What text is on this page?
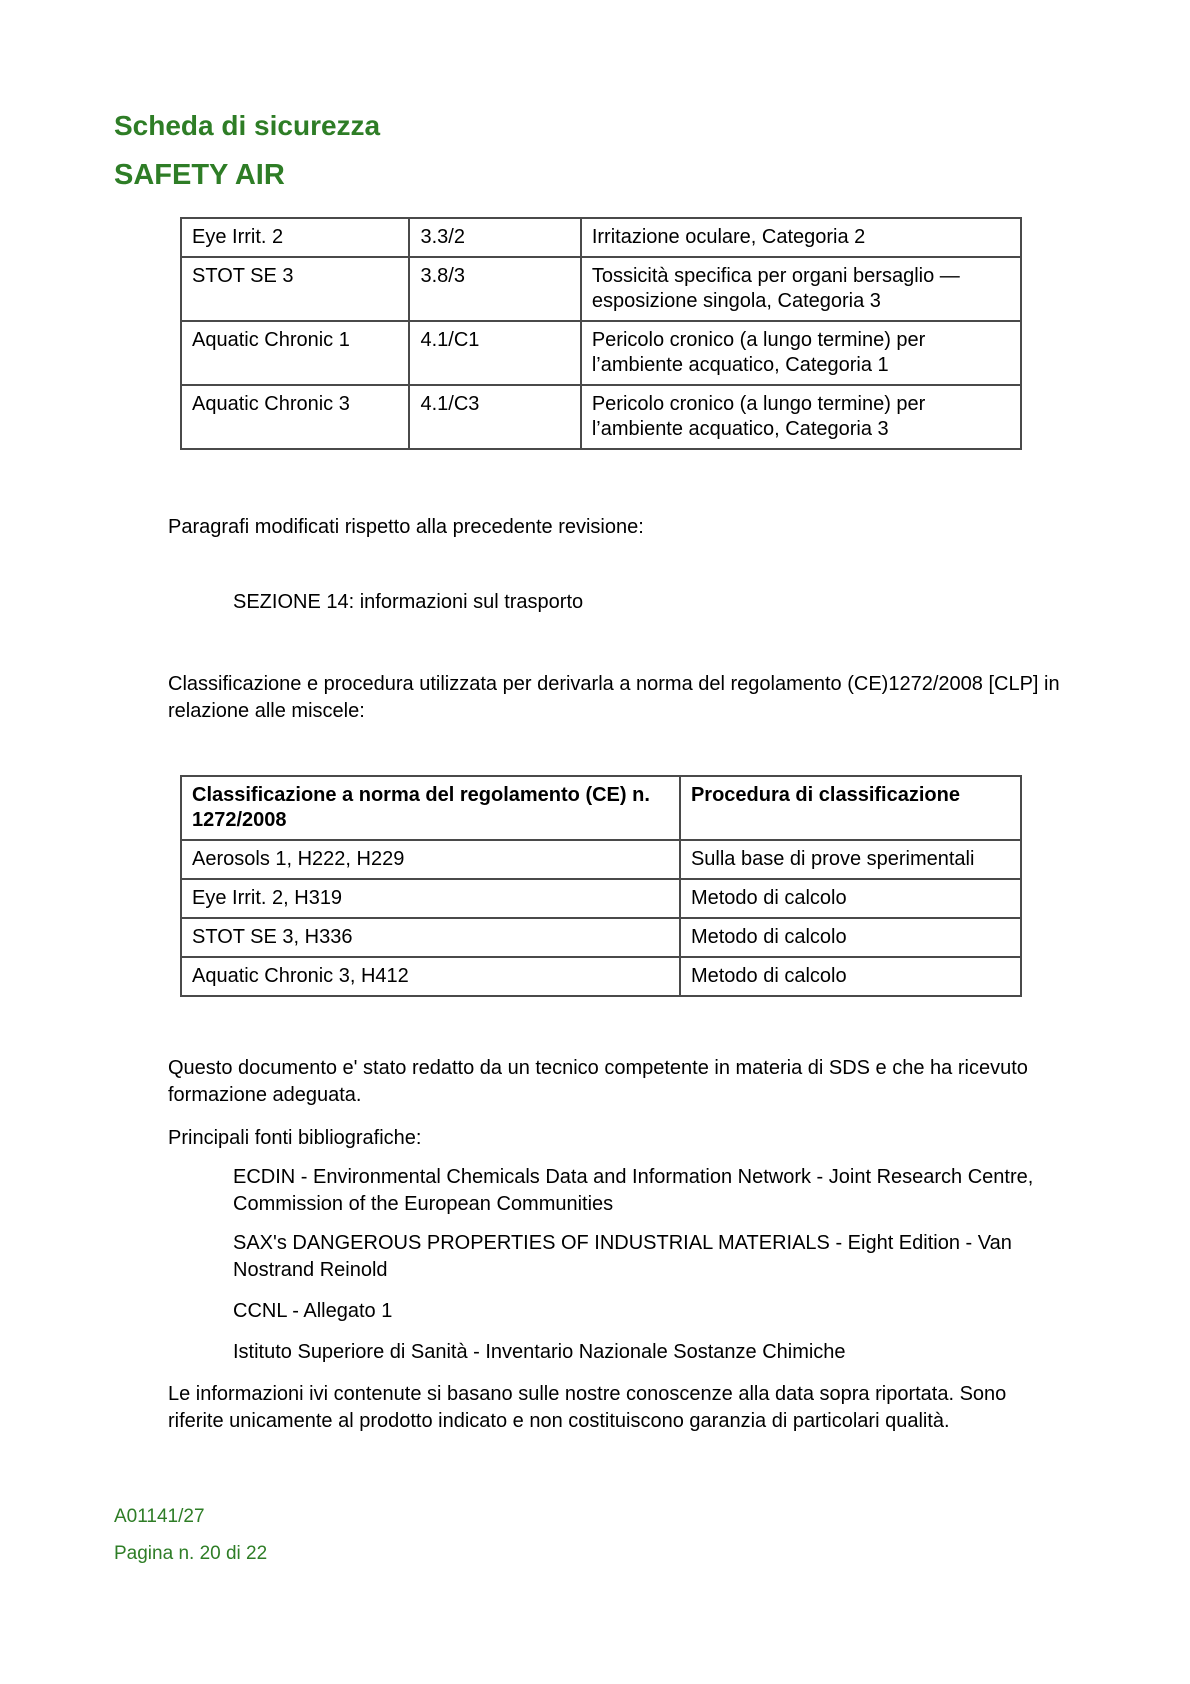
Scheda di sicurezza
SAFETY AIR
Eye Irrit. 2	3.3/2	Irritazione oculare, Categoria 2
STOT SE 3	3.8/3	Tossicità specifica per organi bersaglio — esposizione singola, Categoria 3
Aquatic Chronic 1	4.1/C1	Pericolo cronico (a lungo termine) per l’ambiente acquatico, Categoria 1
Aquatic Chronic 3	4.1/C3	Pericolo cronico (a lungo termine) per l’ambiente acquatico, Categoria 3
Paragrafi modificati rispetto alla precedente revisione:
SEZIONE 14: informazioni sul trasporto
Classificazione e procedura utilizzata per derivarla a norma del regolamento (CE)1272/2008 [CLP] in relazione alle miscele:
Classificazione a norma del regolamento (CE) n. 1272/2008	Procedura di classificazione
Aerosols 1, H222, H229	Sulla base di prove sperimentali
Eye Irrit. 2, H319	Metodo di calcolo
STOT SE 3, H336	Metodo di calcolo
Aquatic Chronic 3, H412	Metodo di calcolo
Questo documento e' stato redatto da un tecnico competente in materia di SDS e che ha ricevuto formazione adeguata.
Principali fonti bibliografiche:
ECDIN - Environmental Chemicals Data and Information Network - Joint Research Centre, Commission of the European Communities
SAX's DANGEROUS PROPERTIES OF INDUSTRIAL MATERIALS - Eight Edition - Van Nostrand Reinold
CCNL - Allegato 1
Istituto Superiore di Sanità - Inventario Nazionale Sostanze Chimiche
Le informazioni ivi contenute si basano sulle nostre conoscenze alla data sopra riportata. Sono riferite unicamente al prodotto indicato e non costituiscono garanzia di particolari qualità.
A01141/27
Pagina n. 20 di 22
